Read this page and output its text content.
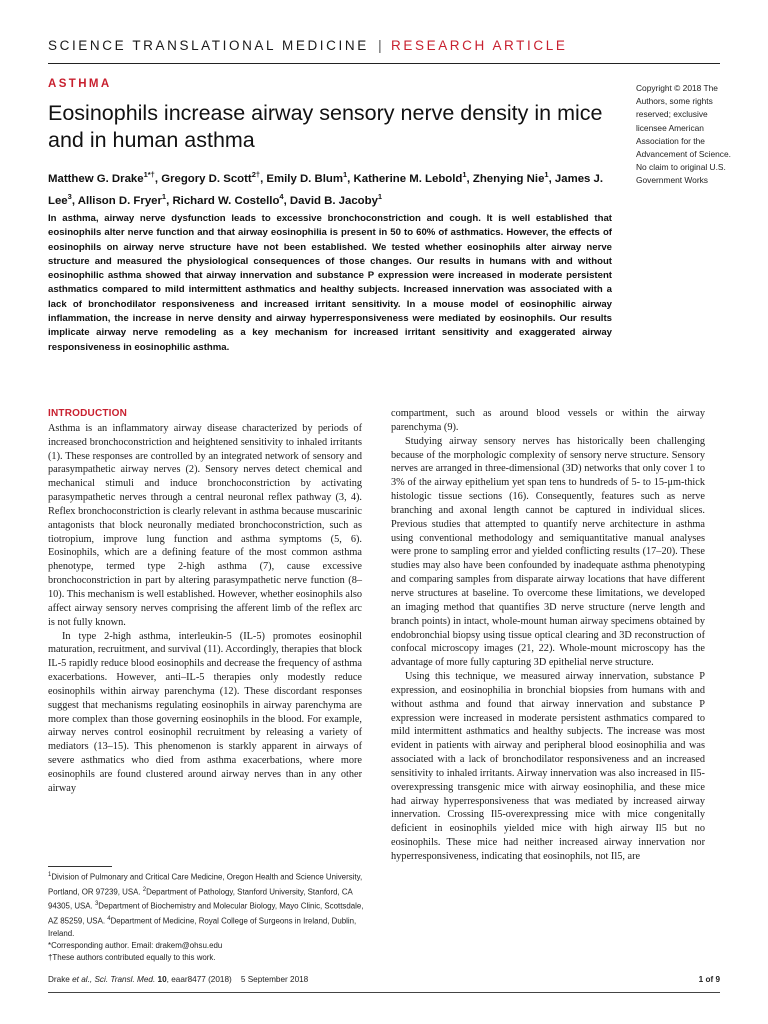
SCIENCE TRANSLATIONAL MEDICINE | RESEARCH ARTICLE
ASTHMA
Eosinophils increase airway sensory nerve density in mice and in human asthma
Copyright © 2018 The Authors, some rights reserved; exclusive licensee American Association for the Advancement of Science. No claim to original U.S. Government Works
Matthew G. Drake$^{1*\dagger}$, Gregory D. Scott$^{2\dagger}$, Emily D. Blum$^1$, Katherine M. Lebold$^1$, Zhenying Nie$^1$, James J. Lee$^3$, Allison D. Fryer$^1$, Richard W. Costello$^4$, David B. Jacoby$^1$
In asthma, airway nerve dysfunction leads to excessive bronchoconstriction and cough. It is well established that eosinophils alter nerve function and that airway eosinophilia is present in 50 to 60% of asthmatics. However, the effects of eosinophils on airway nerve structure have not been established. We tested whether eosinophils alter airway nerve structure and measured the physiological consequences of those changes. Our results in humans with and without eosinophilic asthma showed that airway innervation and substance P expression were increased in moderate persistent asthmatics compared to mild intermittent asthmatics and healthy subjects. Increased innervation was associated with a lack of bronchodilator responsiveness and increased irritant sensitivity. In a mouse model of eosinophilic airway inflammation, the increase in nerve density and airway hyperresponsiveness were mediated by eosinophils. Our results implicate airway nerve remodeling as a key mechanism for increased irritant sensitivity and exaggerated airway responsiveness in eosinophilic asthma.
INTRODUCTION

Asthma is an inflammatory airway disease characterized by periods of increased bronchoconstriction and heightened sensitivity to inhaled irritants (1). These responses are controlled by an integrated network of sensory and parasympathetic airway nerves (2). Sensory nerves detect chemical and mechanical stimuli and induce bronchoconstriction by activating parasympathetic nerves through a central neuronal reflex pathway (3, 4). Reflex bronchoconstriction is clearly relevant in asthma because muscarinic antagonists that block neuronally mediated bronchoconstriction, such as tiotropium, improve lung function and asthma symptoms (5, 6). Eosinophils, which are a defining feature of the most common asthma phenotype, termed type 2-high asthma (7), cause excessive bronchoconstriction in part by altering parasympathetic nerve function (8–10). This mechanism is well established. However, whether eosinophils also affect airway sensory nerves comprising the afferent limb of the reflex arc is not fully known.

In type 2-high asthma, interleukin-5 (IL-5) promotes eosinophil maturation, recruitment, and survival (11). Accordingly, therapies that block IL-5 rapidly reduce blood eosinophils and decrease the frequency of asthma exacerbations. However, anti–IL-5 therapies only modestly reduce eosinophils within airway parenchyma (12). These discordant responses suggest that mechanisms regulating eosinophils in airway parenchyma are more complex than those governing eosinophils in the blood. For example, airway nerves control eosinophil recruitment by releasing a variety of mediators (13–15). This phenomenon is starkly apparent in airways of severe asthmatics who died from asthma exacerbations, where more eosinophils are found clustered around airway nerves than in any other airway

compartment, such as around blood vessels or within the airway parenchyma (9).

Studying airway sensory nerves has historically been challenging because of the morphologic complexity of sensory nerve structure. Sensory nerves are arranged in three-dimensional (3D) networks that only cover 1 to 3% of the airway epithelium yet span tens to hundreds of 5- to 15-μm-thick histologic tissue sections (16). Consequently, features such as nerve branching and axonal length cannot be captured in individual slices. Previous studies that attempted to quantify nerve architecture in asthma using conventional methodology and semiquantitative manual analyses were prone to sampling error and yielded conflicting results (17–20). These studies may also have been confounded by inadequate asthma phenotyping and comparing samples from disparate airway locations that have different nerve structures at baseline. To overcome these limitations, we developed an imaging method that quantifies 3D nerve structure (nerve length and branch points) in intact, whole-mount human airway specimens obtained by endobronchial biopsy using tissue optical clearing and 3D reconstruction of confocal microscopy images (21, 22). Whole-mount microscopy has the advantage of more fully capturing 3D epithelial nerve structure.

Using this technique, we measured airway innervation, substance P expression, and eosinophilia in bronchial biopsies from humans with and without asthma and found that airway innervation and substance P expression were increased in moderate persistent asthmatics compared to mild intermittent asthmatics and healthy subjects. The increase was most evident in patients with airway and peripheral blood eosinophilia and was associated with a lack of bronchodilator responsiveness and an increased sensitivity to inhaled irritants. Airway innervation was also increased in Il5-overexpressing transgenic mice with airway eosinophilia, and these mice had airway hyperresponsiveness that was mediated by increased airway innervation. Crossing Il5-overexpressing mice with mice congenitally deficient in eosinophils yielded mice with high airway Il5 but no eosinophils. These mice had neither increased airway innervation nor hyperresponsiveness, indicating that eosinophils, not Il5, are

$^1$Division of Pulmonary and Critical Care Medicine, Oregon Health and Science University, Portland, OR 97239, USA. $^2$Department of Pathology, Stanford University, Stanford, CA 94305, USA. $^3$Department of Biochemistry and Molecular Biology, Mayo Clinic, Scottsdale, AZ 85259, USA. $^4$Department of Medicine, Royal College of Surgeons in Ireland, Dublin, Ireland.
*Corresponding author. Email: drakem@ohsu.edu
†These authors contributed equally to this work.
Drake et al., Sci. Transl. Med. 10, eaar8477 (2018) 5 September 2018	1 of 9
